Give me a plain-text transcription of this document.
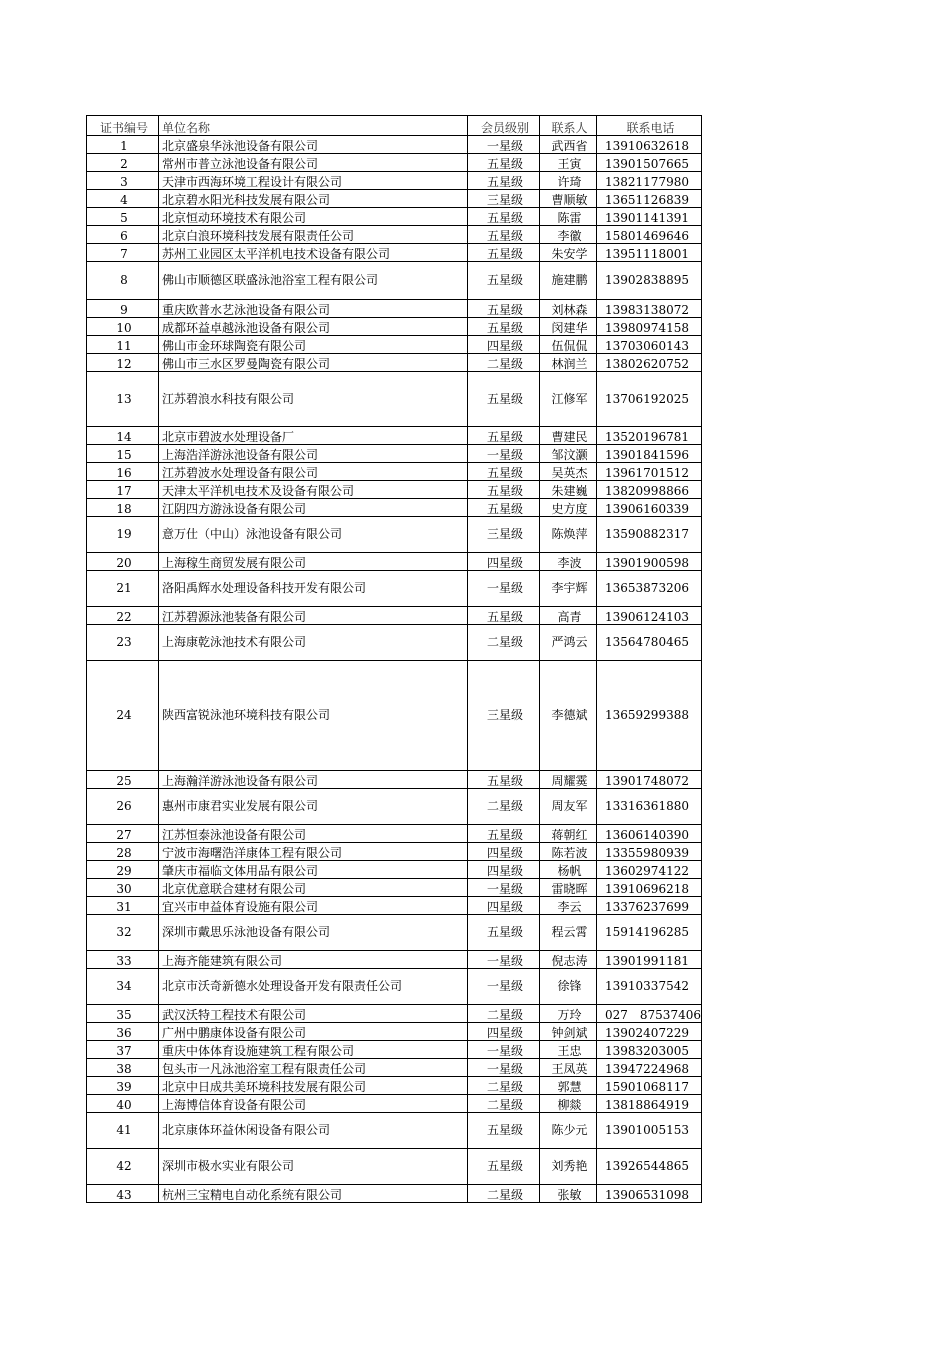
证书编号	单位名称	会员级别	联系人	联系电话
1	北京盛泉华泳池设备有限公司	一星级	武西省	13910632618
2	常州市普立泳池设备有限公司	五星级	王寅	13901507665
3	天津市西海环境工程设计有限公司	五星级	许琦	13821177980
4	北京碧水阳光科技发展有限公司	三星级	曹顺敏	13651126839
5	北京恒动环境技术有限公司	五星级	陈雷	13901141391
6	北京白浪环境科技发展有限责任公司	五星级	李徽	15801469646
7	苏州工业园区太平洋机电技术设备有限公司	五星级	朱安学	13951118001
8	佛山市顺德区联盛泳池浴室工程有限公司	五星级	施建鹏	13902838895
9	重庆欧普水艺泳池设备有限公司	五星级	刘林森	13983138072
10	成都环益卓越泳池设备有限公司	五星级	闵建华	13980974158
11	佛山市金环球陶瓷有限公司	四星级	伍侃侃	13703060143
12	佛山市三水区罗曼陶瓷有限公司	二星级	林润兰	13802620752
13	江苏碧浪水科技有限公司	五星级	江修军	13706192025
14	北京市碧波水处理设备厂	五星级	曹建民	13520196781
15	上海浩洋游泳池设备有限公司	一星级	邹汶灏	13901841596
16	江苏碧波水处理设备有限公司	五星级	吴英杰	13961701512
17	天津太平洋机电技术及设备有限公司	五星级	朱建巍	13820998866
18	江阴四方游泳设备有限公司	五星级	史方度	13906160339
19	意万仕（中山）泳池设备有限公司	三星级	陈焕萍	13590882317
20	上海稼生商贸发展有限公司	四星级	李波	13901900598
21	洛阳禹辉水处理设备科技开发有限公司	一星级	李宇辉	13653873206
22	江苏碧源泳池装备有限公司	五星级	高青	13906124103
23	上海康乾泳池技术有限公司	二星级	严鸿云	13564780465
24	陕西富锐泳池环境科技有限公司	三星级	李德斌	13659299388
25	上海瀚洋游泳池设备有限公司	五星级	周耀霙	13901748072
26	惠州市康君实业发展有限公司	二星级	周友军	13316361880
27	江苏恒泰泳池设备有限公司	五星级	蒋朝红	13606140390
28	宁波市海曙浩洋康体工程有限公司	四星级	陈若波	13355980939
29	肇庆市福临文体用品有限公司	四星级	杨帆	13602974122
30	北京优意联合建材有限公司	一星级	雷晓晖	13910696218
31	宜兴市申益体育设施有限公司	四星级	李云	13376237699
32	深圳市戴思乐泳池设备有限公司	五星级	程云霄	15914196285
33	上海齐能建筑有限公司	一星级	倪志涛	13901991181
34	北京市沃奇新德水处理设备开发有限责任公司	一星级	徐锋	13910337542
35	武汉沃特工程技术有限公司	二星级	万玲	027　87537406
36	广州中鹏康体设备有限公司	四星级	钟剑斌	13902407229
37	重庆中体体育设施建筑工程有限公司	一星级	王忠	13983203005
38	包头市一凡泳池浴室工程有限责任公司	一星级	王凤英	13947224968
39	北京中日成共美环境科技发展有限公司	二星级	郭慧	15901068117
40	上海博信体育设备有限公司	二星级	柳燚	13818864919
41	北京康体环益休闲设备有限公司	五星级	陈少元	13901005153
42	深圳市极水实业有限公司	五星级	刘秀艳	13926544865
43	杭州三宝精电自动化系统有限公司	二星级	张敏	13906531098
